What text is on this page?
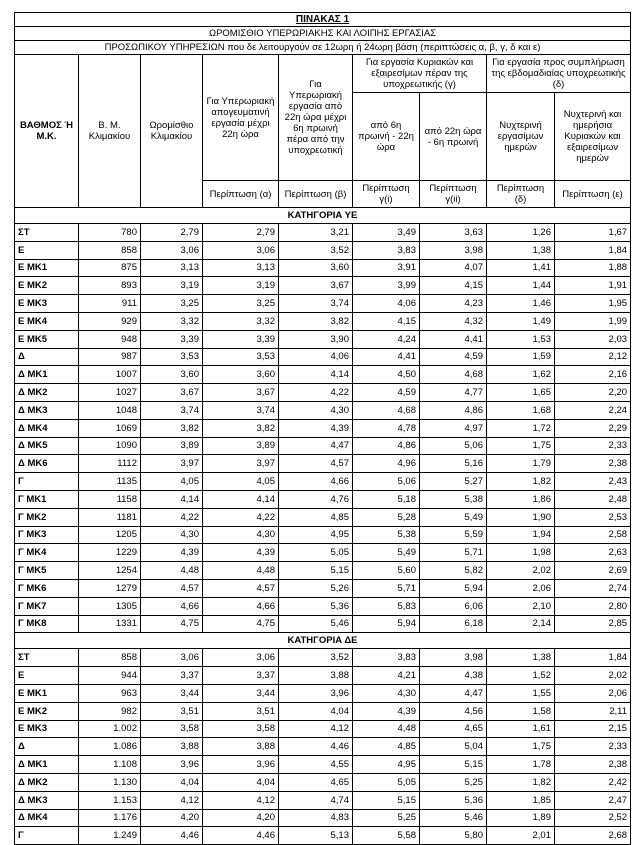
ΠΙΝΑΚΑΣ 1								
ΩΡΟΜΙΣΘΙΟ ΥΠΕΡΩΡΙΑΚΗΣ ΚΑΙ ΛΟΙΠΗΣ ΕΡΓΑΣΙΑΣ								
ΠΡΟΣΩΠΙΚΟΥ ΥΠΗΡΕΣΙΩΝ που δε λειτουργούν σε 12ωρη ή 24ωρη βάση (περιπτώσεις α, β, γ, δ και ε)								
ΒΑΘΜΟΣ Ή Μ.Κ.	Β. Μ. Κλιμακίου	Ωρομίσθιο Κλιμακίου	Για Υπερωριακή απογευματινή εργασία μέχρι 22η ώρα	Για Υπερωριακή εργασία από 22η ώρα μέχρι 6η πρωινή πέρα από την υποχρεωτική	Για εργασία Κυριακών και εξαιρεσίμων πέραν της υποχρεωτικής (γ)		Για εργασία προς συμπλήρωση της εβδομαδιαίας υποχρεωτικής (δ)	
					από 6η πρωινή - 22η ώρα	από 22η ώρα - 6η πρωινή	Νυχτερινή εργασίμων ημερών	Νυχτερινή και ημερήσια Κυριακών και εξαιρεσίμων ημερών
			Περίπτωση (α)	Περίπτωση (β)	Περίπτωση γ(i)	Περίπτωση γ(ii)	Περίπτωση (δ)	Περίπτωση (ε)
ΚΑΤΗΓΟΡΙΑ ΥΕ								
ΣΤ	780	2,79	2,79	3,21	3,49	3,63	1,26	1,67
Ε	858	3,06	3,06	3,52	3,83	3,98	1,38	1,84
Ε ΜΚ1	875	3,13	3,13	3,60	3,91	4,07	1,41	1,88
Ε ΜΚ2	893	3,19	3,19	3,67	3,99	4,15	1,44	1,91
Ε ΜΚ3	911	3,25	3,25	3,74	4,06	4,23	1,46	1,95
Ε ΜΚ4	929	3,32	3,32	3,82	4,15	4,32	1,49	1,99
Ε ΜΚ5	948	3,39	3,39	3,90	4,24	4,41	1,53	2,03
Δ	987	3,53	3,53	4,06	4,41	4,59	1,59	2,12
Δ ΜΚ1	1007	3,60	3,60	4,14	4,50	4,68	1,62	2,16
Δ ΜΚ2	1027	3,67	3,67	4,22	4,59	4,77	1,65	2,20
Δ ΜΚ3	1048	3,74	3,74	4,30	4,68	4,86	1,68	2,24
Δ ΜΚ4	1069	3,82	3,82	4,39	4,78	4,97	1,72	2,29
Δ ΜΚ5	1090	3,89	3,89	4,47	4,86	5,06	1,75	2,33
Δ ΜΚ6	1112	3,97	3,97	4,57	4,96	5,16	1,79	2,38
Γ	1135	4,05	4,05	4,66	5,06	5,27	1,82	2,43
Γ ΜΚ1	1158	4,14	4,14	4,76	5,18	5,38	1,86	2,48
Γ ΜΚ2	1181	4,22	4,22	4,85	5,28	5,49	1,90	2,53
Γ ΜΚ3	1205	4,30	4,30	4,95	5,38	5,59	1,94	2,58
Γ ΜΚ4	1229	4,39	4,39	5,05	5,49	5,71	1,98	2,63
Γ ΜΚ5	1254	4,48	4,48	5,15	5,60	5,82	2,02	2,69
Γ ΜΚ6	1279	4,57	4,57	5,26	5,71	5,94	2,06	2,74
Γ ΜΚ7	1305	4,66	4,66	5,36	5,83	6,06	2,10	2,80
Γ ΜΚ8	1331	4,75	4,75	5,46	5,94	6,18	2,14	2,85
ΚΑΤΗΓΟΡΙΑ ΔΕ								
ΣΤ	858	3,06	3,06	3,52	3,83	3,98	1,38	1,84
Ε	944	3,37	3,37	3,88	4,21	4,38	1,52	2,02
Ε ΜΚ1	963	3,44	3,44	3,96	4,30	4,47	1,55	2,06
Ε ΜΚ2	982	3,51	3,51	4,04	4,39	4,56	1,58	2,11
Ε ΜΚ3	1.002	3,58	3,58	4,12	4,48	4,65	1,61	2,15
Δ	1.086	3,88	3,88	4,46	4,85	5,04	1,75	2,33
Δ ΜΚ1	1.108	3,96	3,96	4,55	4,95	5,15	1,78	2,38
Δ ΜΚ2	1.130	4,04	4,04	4,65	5,05	5,25	1,82	2,42
Δ ΜΚ3	1.153	4,12	4,12	4,74	5,15	5,36	1,85	2,47
Δ ΜΚ4	1.176	4,20	4,20	4,83	5,25	5,46	1,89	2,52
Γ	1.249	4,46	4,46	5,13	5,58	5,80	2,01	2,68
